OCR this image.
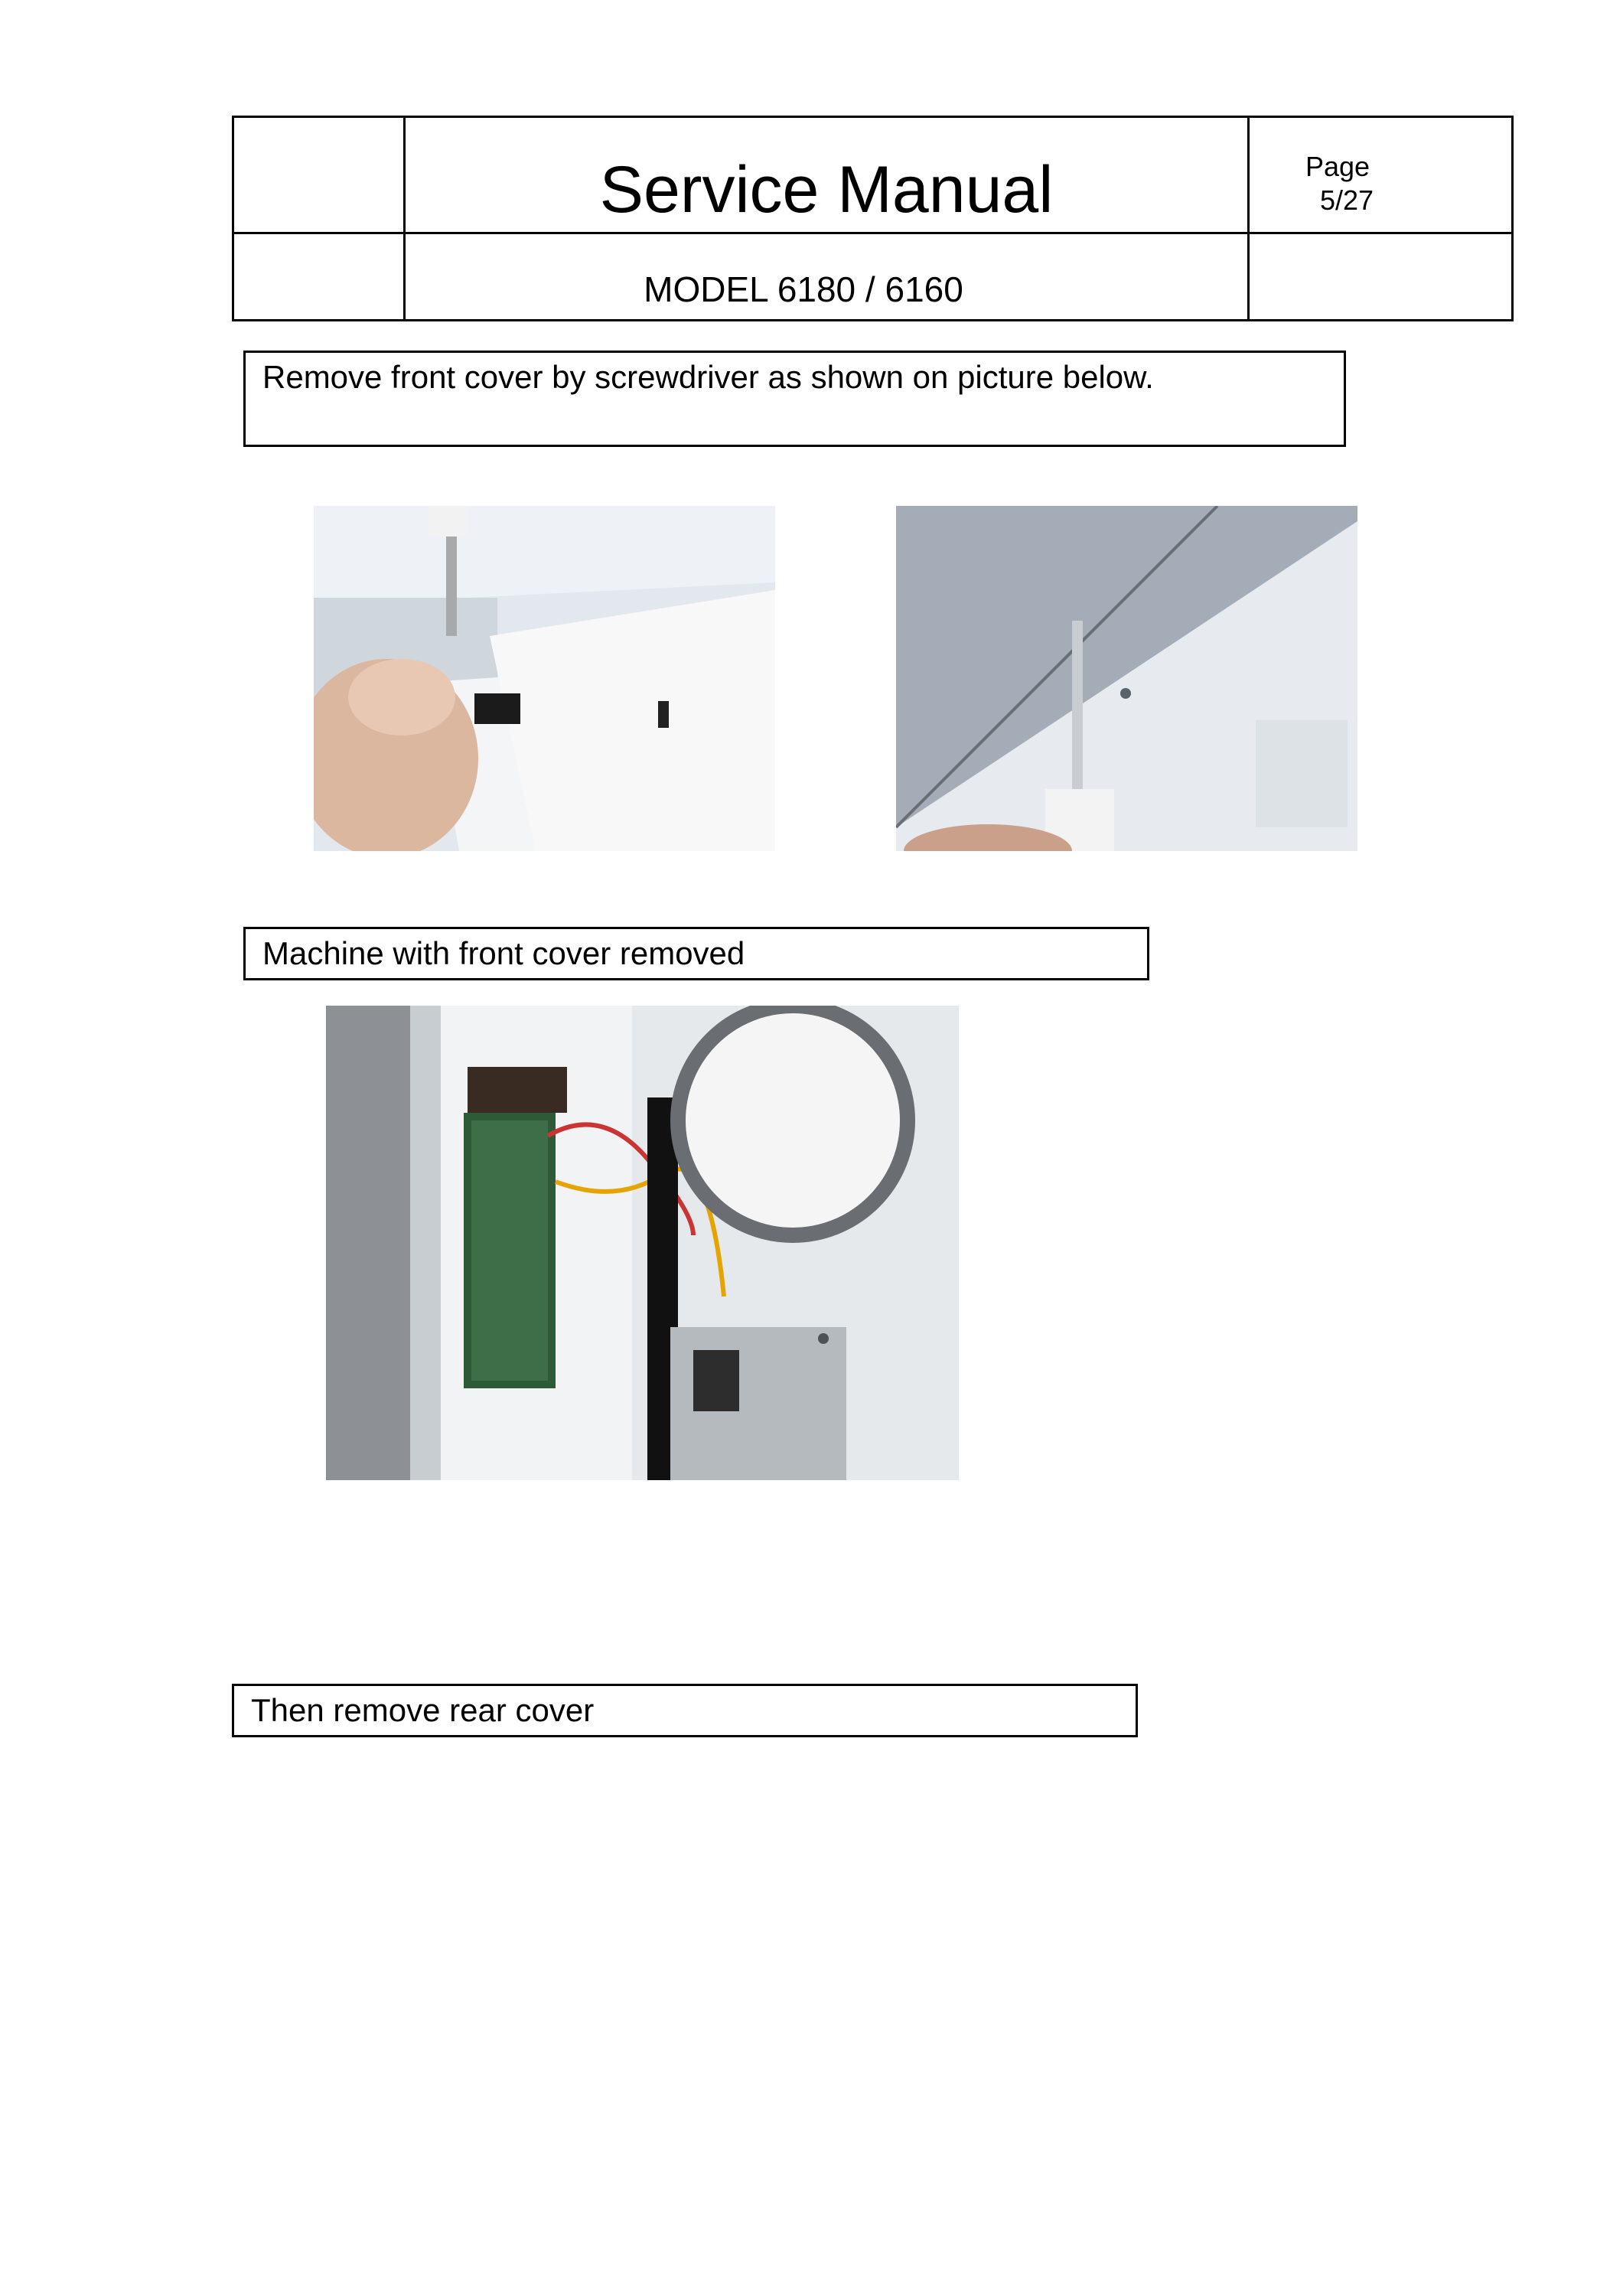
Service Manual	Page
5/27
MODEL 6180 / 6160
Remove front cover by screwdriver as shown on picture below.
Machine with front cover removed
Then remove rear cover
